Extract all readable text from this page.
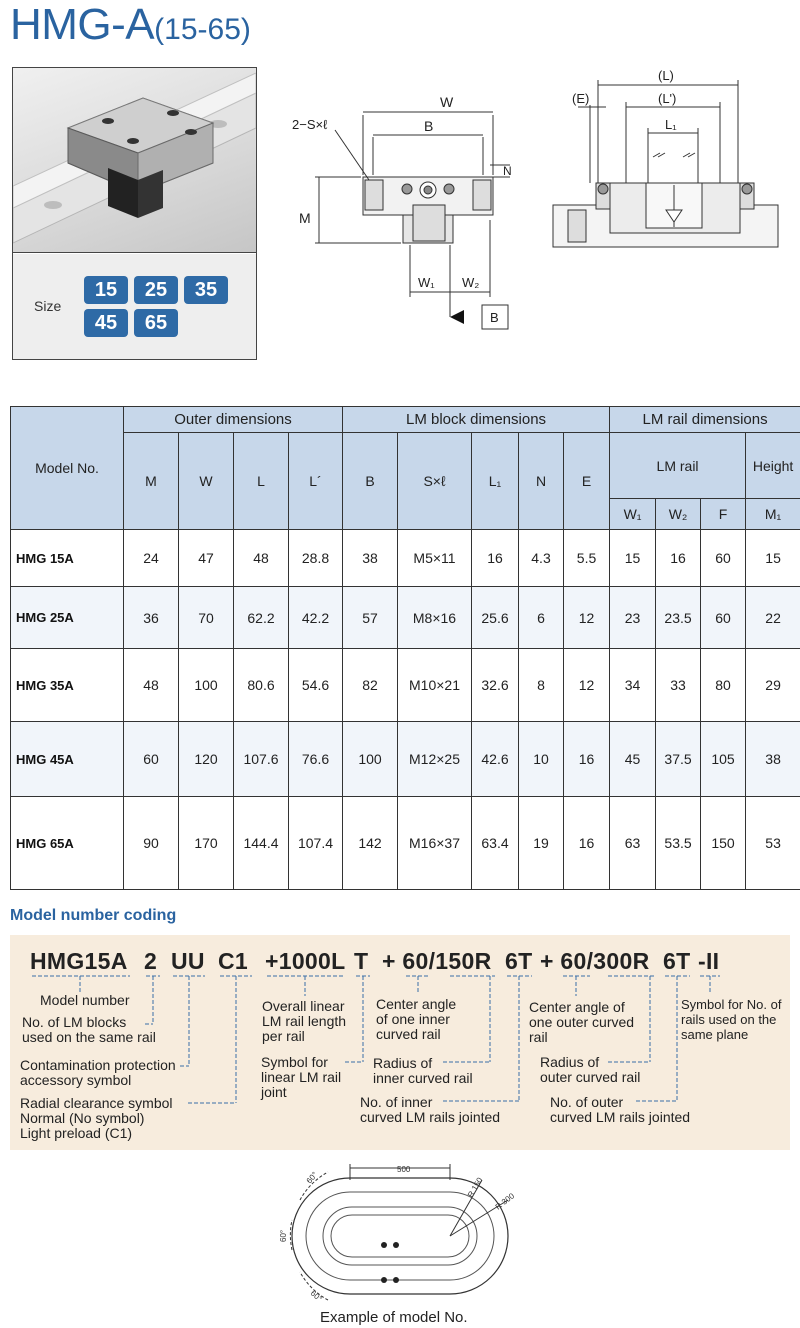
HMG-A(15-65)
Size
15	25	35
45	65
W
B
2−S×ℓ
N
M
W₁ W₂
B
(L)
(L')
(E)
L₁
Model No.	Outer dimensions				LM block dimensions					LM rail dimensions			
	M	W	L	L´	B	S×ℓ	L₁	N	E	LM rail			Height
										W₁	W₂	F	M₁
HMG 15A	24	47	48	28.8	38	M5×11	16	4.3	5.5	15	16	60	15
HMG 25A	36	70	62.2	42.2	57	M8×16	25.6	6	12	23	23.5	60	22
HMG 35A	48	100	80.6	54.6	82	M10×21	32.6	8	12	34	33	80	29
HMG 45A	60	120	107.6	76.6	100	M12×25	42.6	10	16	45	37.5	105	38
HMG 65A	90	170	144.4	107.4	142	M16×37	63.4	19	16	63	53.5	150	53
Model number coding
HMG15A 2 UU C1 +1000L T + 60/150R 6T + 60/300R 6T -II
Model number
No. of LM blocks
used on the same rail
Contamination protection
accessory symbol
Radial clearance symbol
Normal (No symbol)
Light preload (C1)
Overall linear
LM rail length
per rail
Symbol for
linear LM rail
joint
Center angle
of one inner
curved rail
Radius of
inner curved rail
No. of inner
curved LM rails jointed
Center angle of
one outer curved
rail
Radius of
outer curved rail
No. of outer
curved LM rails jointed
Symbol for No. of
rails used on the
same plane
500
R 150
R 300
60°
60°
60°
Example of model No.
